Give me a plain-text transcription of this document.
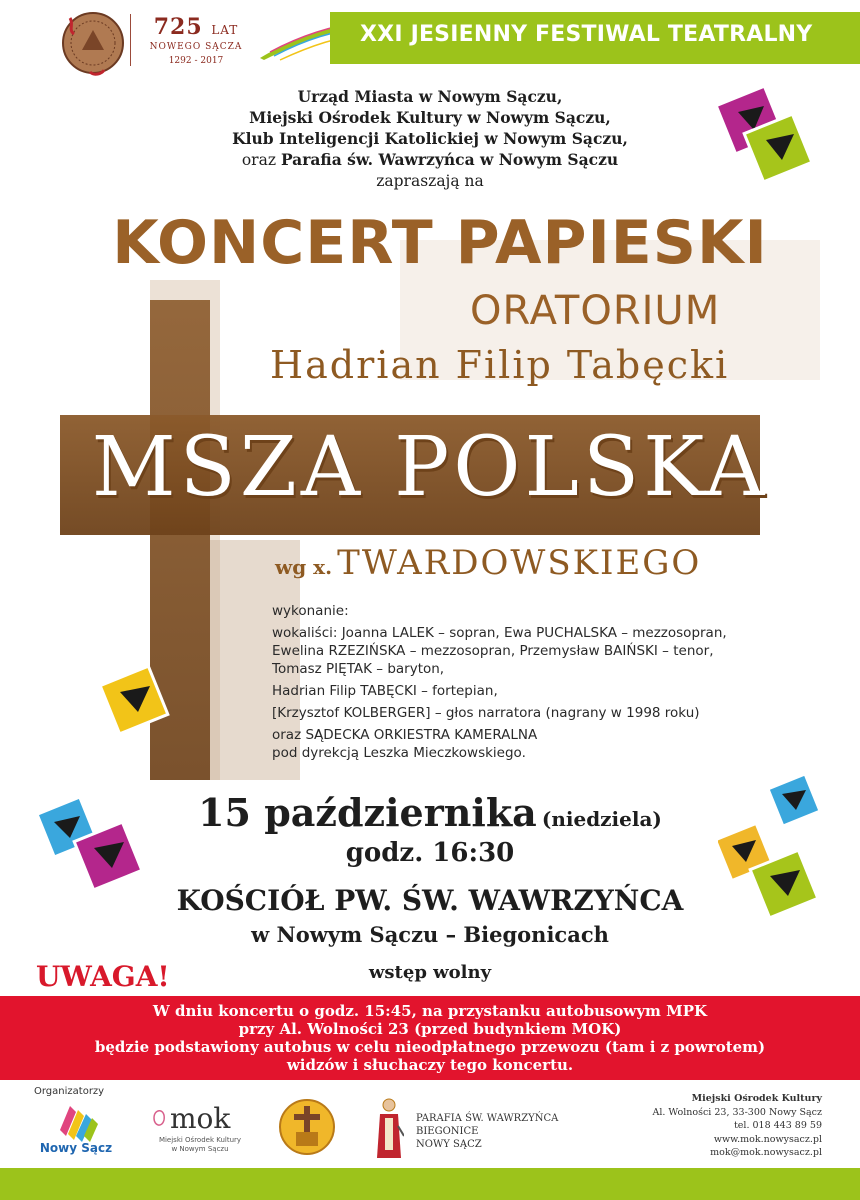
XXI JESIENNY FESTIWAL TEATRALNY
725 LAT
NOWEGO SĄCZA
1292 - 2017
Urząd Miasta w Nowym Sączu,
Miejski Ośrodek Kultury w Nowym Sączu,
Klub Inteligencji Katolickiej w Nowym Sączu,
oraz Parafia św. Wawrzyńca w Nowym Sączu
zapraszają na
KONCERT PAPIESKI
ORATORIUM
Hadrian Filip Tabęcki
MSZA POLSKA
wg x. TWARDOWSKIEGO
wykonanie:
wokaliści: Joanna LALEK – sopran, Ewa PUCHALSKA – mezzosopran,
Ewelina RZEZIŃSKA – mezzosopran, Przemysław BAIŃSKI – tenor,
Tomasz PIĘTAK – baryton,
Hadrian Filip TABĘCKI – fortepian,
[Krzysztof KOLBERGER] – głos narratora (nagrany w 1998 roku)
oraz SĄDECKA ORKIESTRA KAMERALNA
pod dyrekcją Leszka Mieczkowskiego.
15 października (niedziela)
godz. 16:30
KOŚCIÓŁ PW. ŚW. WAWRZYŃCA
w Nowym Sączu – Biegonicach
UWAGA!	wstęp wolny
W dniu koncertu o godz. 15:45, na przystanku autobusowym MPK
przy Al. Wolności 23 (przed budynkiem MOK)
będzie podstawiony autobus w celu nieodpłatnego przewozu (tam i z powrotem)
widzów i słuchaczy tego koncertu.
Organizatorzy
Nowy Sącz
mok
Miejski Ośrodek Kultury
w Nowym Sączu
PARAFIA ŚW. WAWRZYŃCA
BIEGONICE
NOWY SĄCZ
Miejski Ośrodek Kultury
Al. Wolności 23, 33-300 Nowy Sącz
tel. 018 443 89 59
www.mok.nowysacz.pl
mok@mok.nowysacz.pl
